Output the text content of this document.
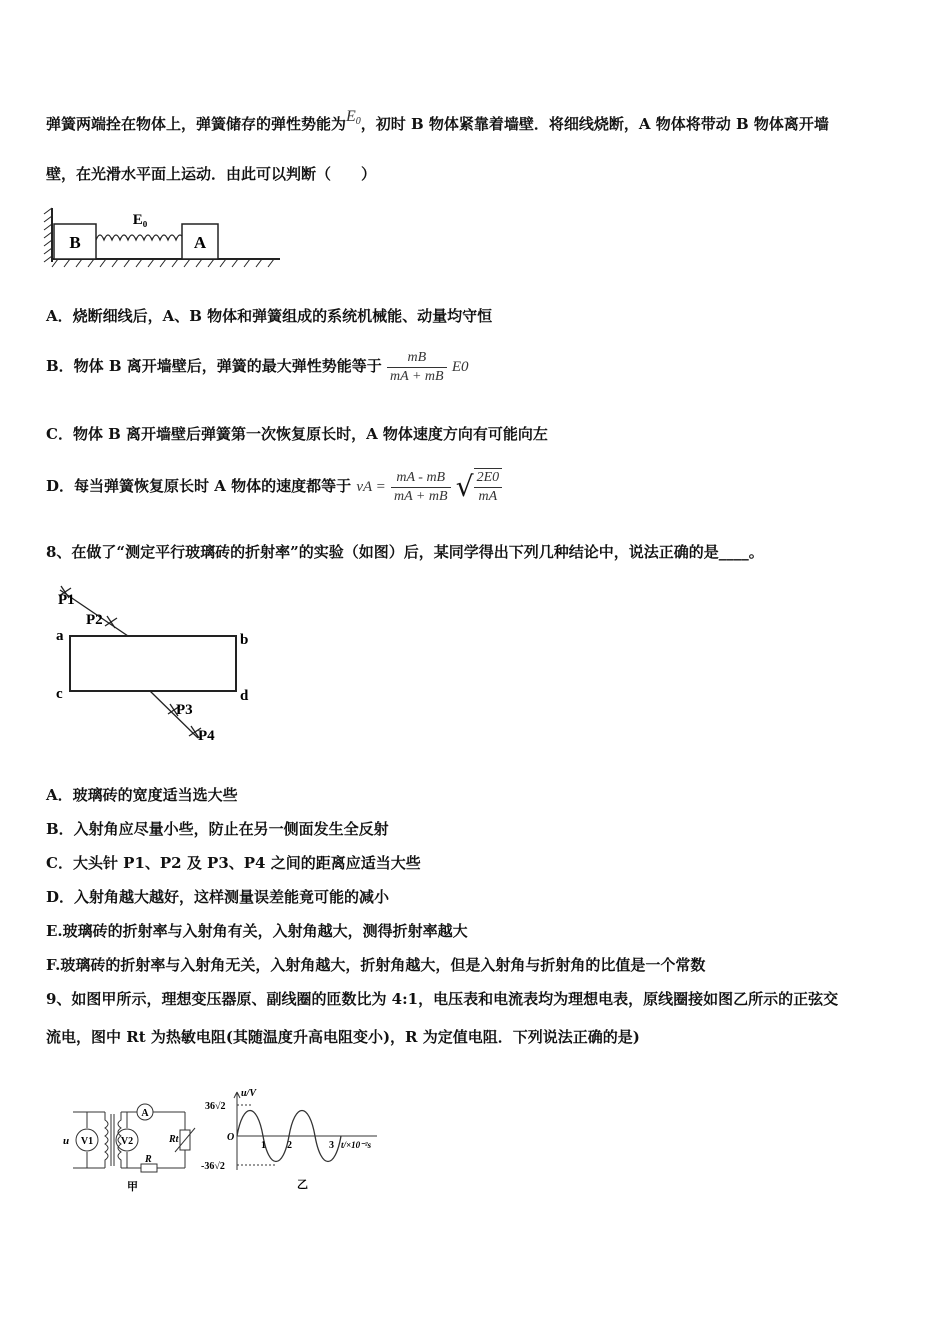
弹簧两端拴在物体上，弹簧储存的弹性势能为$E_0$，初时 B 物体紧靠着墙壁．将细线烧断，A 物体将带动 B 物体离开墙
壁，在光滑水平面上运动．由此可以判断（　　）
B
E₀
A
A．烧断细线后，A、B 物体和弹簧组成的系统机械能、动量均守恒
B．物体 B 离开墙壁后，弹簧的最大弹性势能等于 $\frac{mB}{mA + mB} E0$
C．物体 B 离开墙壁后弹簧第一次恢复原长时，A 物体速度方向有可能向左
D．每当弹簧恢复原长时 A 物体的速度都等于 vA = $\frac{mA - mB}{mA + mB}$ √ $\frac{2E0}{mA}$
8、在做了“测定平行玻璃砖的折射率”的实验（如图）后，某同学得出下列几种结论中，说法正确的是____。
P1
P2
P3
P4
a	b
c	d
A．玻璃砖的宽度适当选大些
B．入射角应尽量小些，防止在另一侧面发生全反射
C．大头针 P1、P2 及 P3、P4 之间的距离应适当大些
D．入射角越大越好，这样测量误差能竟可能的减小
E.玻璃砖的折射率与入射角有关，入射角越大，测得折射率越大
F.玻璃砖的折射率与入射角无关，入射角越大，折射角越大，但是入射角与折射角的比值是一个常数
9、如图甲所示，理想变压器原、副线圈的匝数比为 4:1，电压表和电流表均为理想电表，原线圈接如图乙所示的正弦交
流电，图中 Rt 为热敏电阻(其随温度升高电阻变小)，R 为定值电阻．下列说法正确的是)
u V1	V2
A
Rt
R
甲
u/V
t/×10⁻²s
36√2
-36√2
O
1 2	3
乙
